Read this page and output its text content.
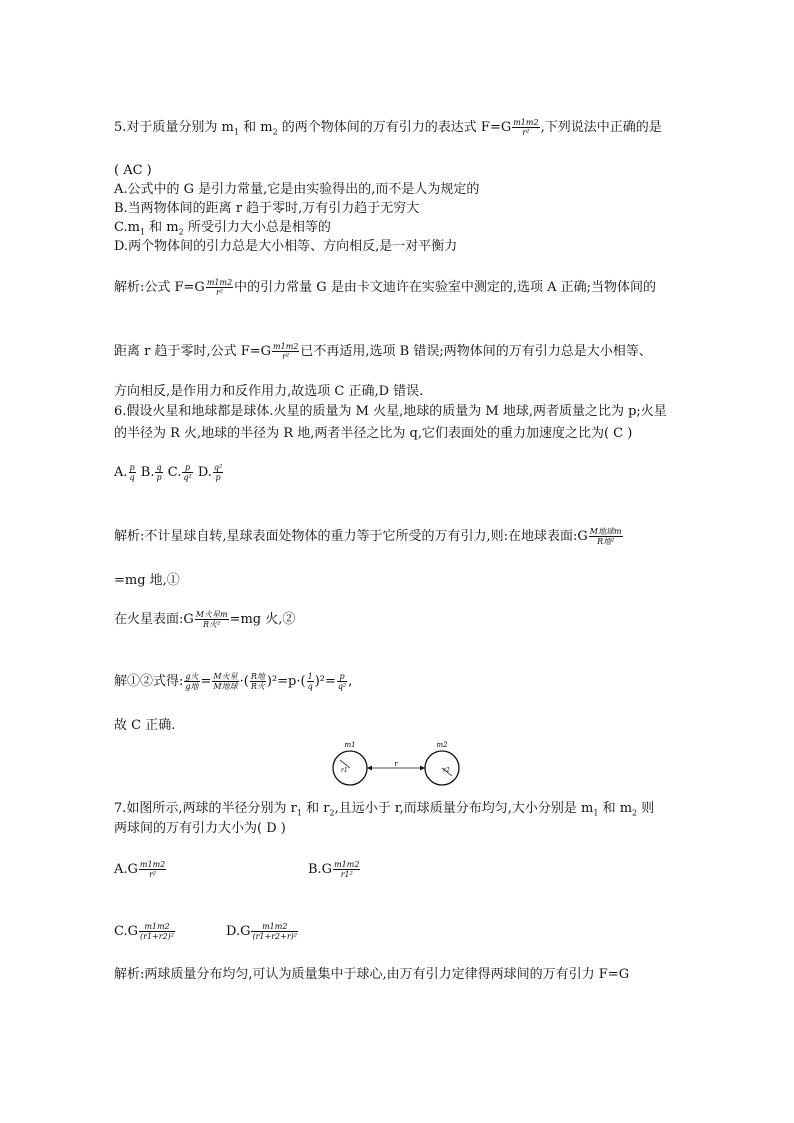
5.对于质量分别为 $m_1$ 和 $m_2$ 的两个物体间的万有引力的表达式 $F=G \frac{m1m2}{\text{r²}}$ ,下列说法中正确的是
( AC )
A.公式中的 G 是引力常量,它是由实验得出的,而不是人为规定的
B.当两物体间的距离 r 趋于零时,万有引力趋于无穷大
$C.m_1$ 和 $m_2$ 所受引力大小总是相等的
D.两个物体间的引力总是大小相等、方向相反,是一对平衡力
解析:公式 $F=G \frac{m1m2}{\text{r²}}$ 中的引力常量 G 是由卡文迪许在实验室中测定的,选项 A 正确;当物体间的
距离 r 趋于零时,公式 $F=G \frac{m1m2}{\text{r²}}$ 已不再适用,选项 B 错误;两物体间的万有引力总是大小相等、
方向相反,是作用力和反作用力,故选项 C 正确,D 错误.
6.假设火星和地球都是球体.火星的质量为 M 火星,地球的质量为 M 地球,两者质量之比为 p;火星
的半径为 R 火,地球的半径为 R 地,两者半径之比为 q,它们表面处的重力加速度之比为( C )
A. $\frac{p}{q} B$. $\frac{q}{p} C$. $\frac{p}{\text{q²}} D$. $\frac{\text{q²}}{p}$
解析:不计星球自转,星球表面处物体的重力等于它所受的万有引力,则:在地球表面:G $\frac{\text{M地球m}}{\text{R地²}}$
=mg 地,①
在火星表面:G $\frac{\text{M火星m}}{\text{R火²}} =mg$ 火,②
解①②式得: $\frac{\text{g火}}{\text{g地}} = \frac{\text{M火星}}{\text{M地球}}$ ·( $\frac{\text{R地}}{\text{R火}} )^2=p\cdot( \frac{1}{q} )^2= \frac{p}{\text{q²}}$ ,
故 C 正确.
m1	m2
r1	r2
r
7.如图所示,两球的半径分别为 $r_1$ 和 $r_2$,且远小于 r,而球质量分布均匀,大小分别是 $m_1$ 和 $m_2$ 则
两球间的万有引力大小为( D )
$A.G \frac{m1m2}{\text{r²}}$	$B.G \frac{m1m2}{\text{r1²}}$
$C.G \frac{m1m2}{\text{(r1+r2)²}}$	$D.G \frac{m1m2}{\text{(r1+r2+r)²}}$
解析:两球质量分布均匀,可认为质量集中于球心,由万有引力定律得两球间的万有引力 F=G
